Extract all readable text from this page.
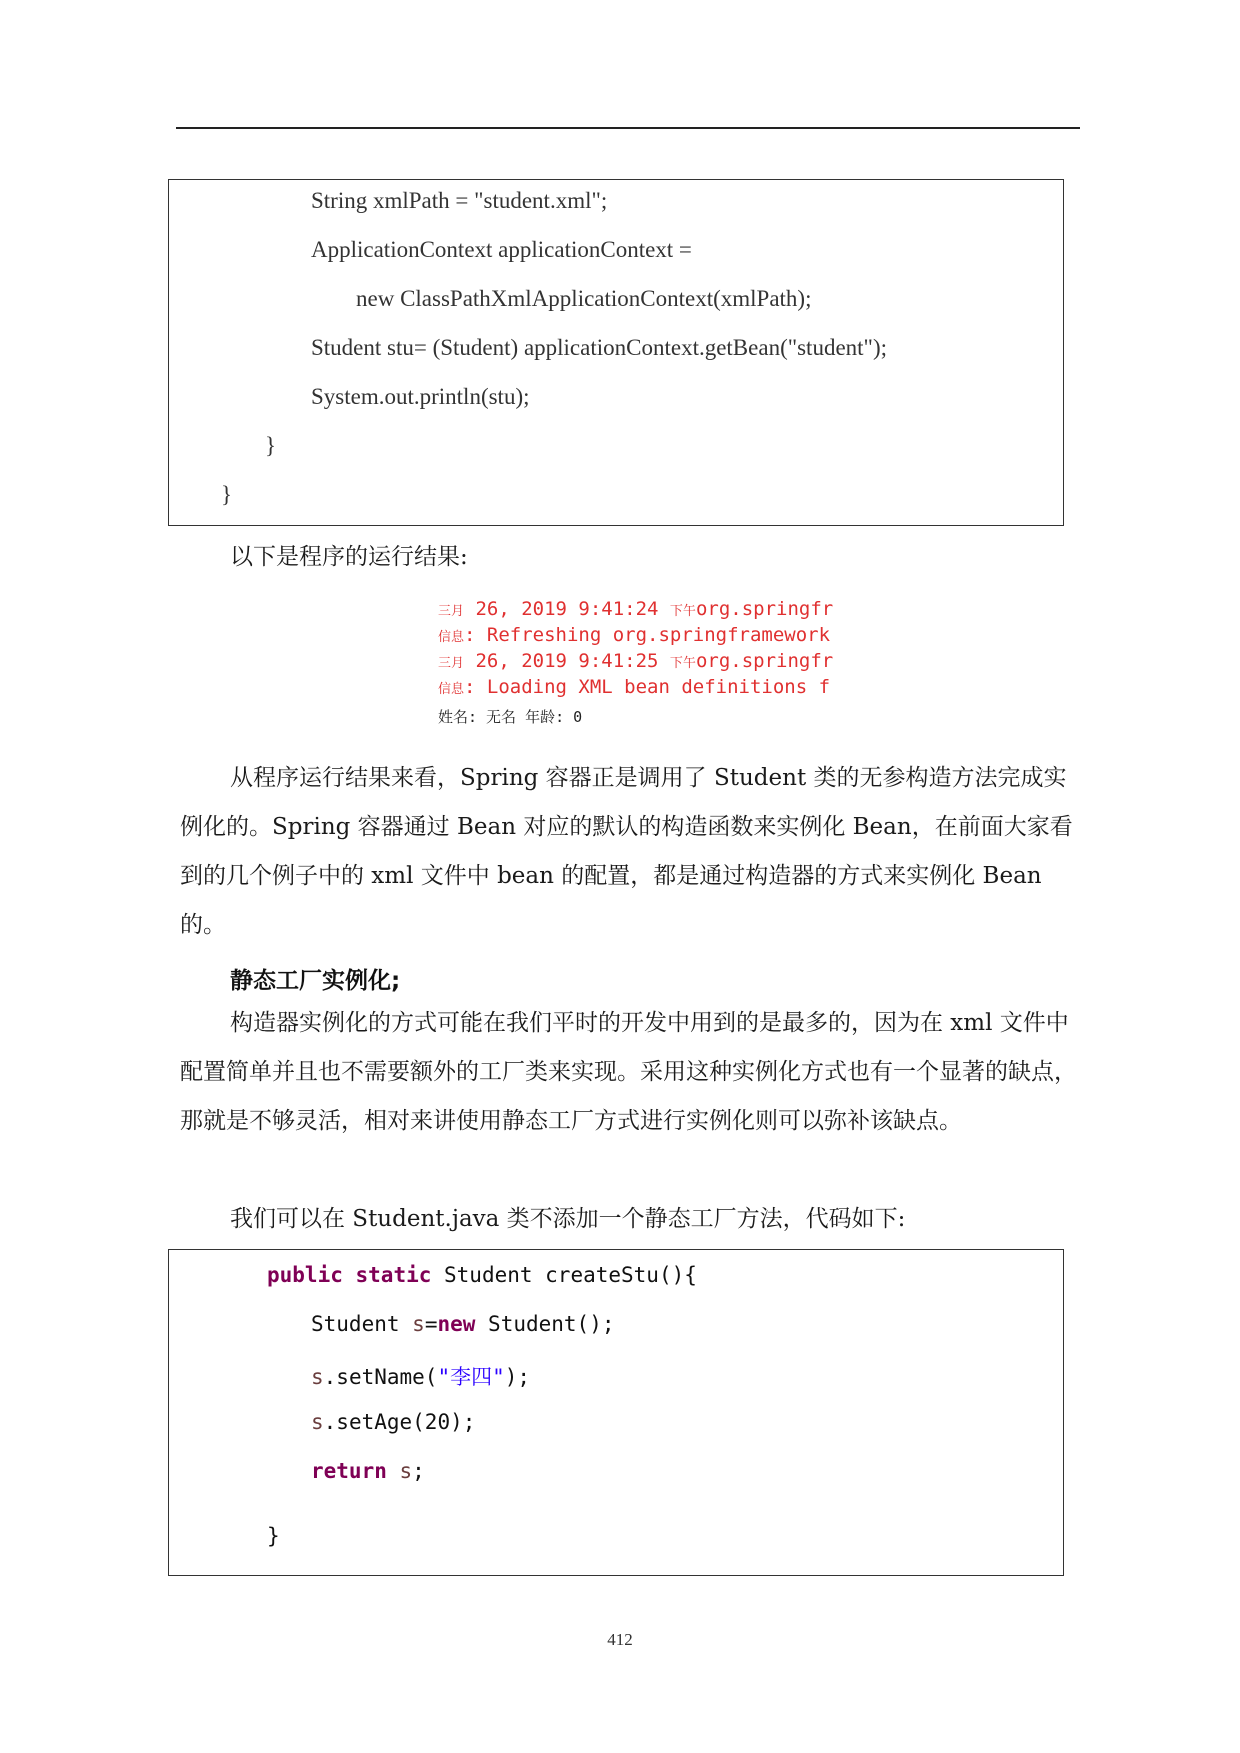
String xmlPath = "student.xml";
ApplicationContext applicationContext =
new ClassPathXmlApplicationContext(xmlPath);
Student stu= (Student) applicationContext.getBean("student");
System.out.println(stu);
}
}

以下是程序的运行结果:

三月 26, 2019 9:41:24 下午org.springfr
信息: Refreshing org.springframework
三月 26, 2019 9:41:25 下午org.springfr
信息: Loading XML bean definitions f
姓名: 无名 年龄: 0

从程序运行结果来看，Spring 容器正是调用了 Student 类的无参构造方法完成实例化的。Spring 容器通过 Bean 对应的默认的构造函数来实例化 Bean，在前面大家看到的几个例子中的 xml 文件中 bean 的配置，都是通过构造器的方式来实例化 Bean 的。

静态工厂实例化;

构造器实例化的方式可能在我们平时的开发中用到的是最多的，因为在 xml 文件中配置简单并且也不需要额外的工厂类来实现。采用这种实例化方式也有一个显著的缺点，那就是不够灵活，相对来讲使用静态工厂方式进行实例化则可以弥补该缺点。

我们可以在 Student.java 类不添加一个静态工厂方法，代码如下:

public static Student createStu(){
Student s=new Student();
s.setName("李四");
s.setAge(20);
return s;
}
412
